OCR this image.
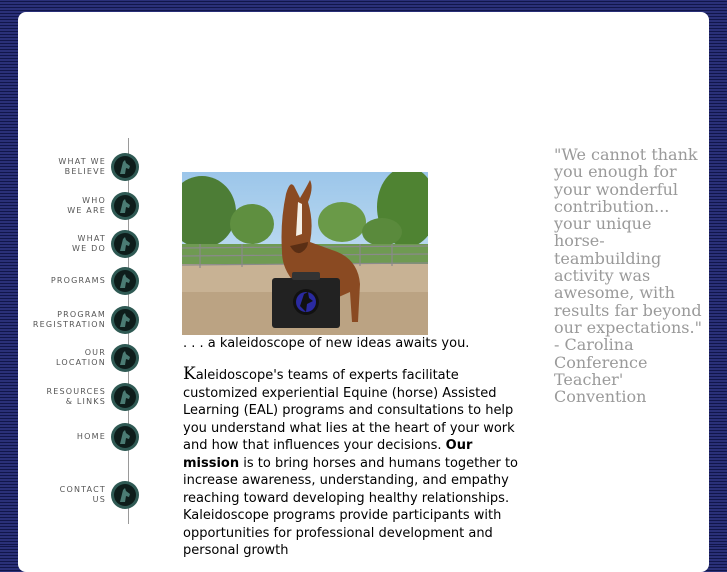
WHAT WE
BELIEVE
WHO
WE ARE
WHAT
WE DO
PROGRAMS
PROGRAM
REGISTRATION
OUR
LOCATION
RESOURCES
& LINKS
HOME
CONTACT
US
. . . a kaleidoscope of new ideas awaits you.
Kaleidoscope's teams of experts facilitate customized experiential Equine (horse) Assisted Learning (EAL) programs and consultations to help you understand what lies at the heart of your work and how that influences your decisions. Our mission is to bring horses and humans together to increase awareness, understanding, and empathy reaching toward developing healthy relationships. Kaleidoscope programs provide participants with opportunities for professional development and personal growth
"We cannot thank you enough for your wonderful contribution... your unique horse-teambuilding activity was awesome, with results far beyond our expectations." - Carolina Conference Teacher' Convention
